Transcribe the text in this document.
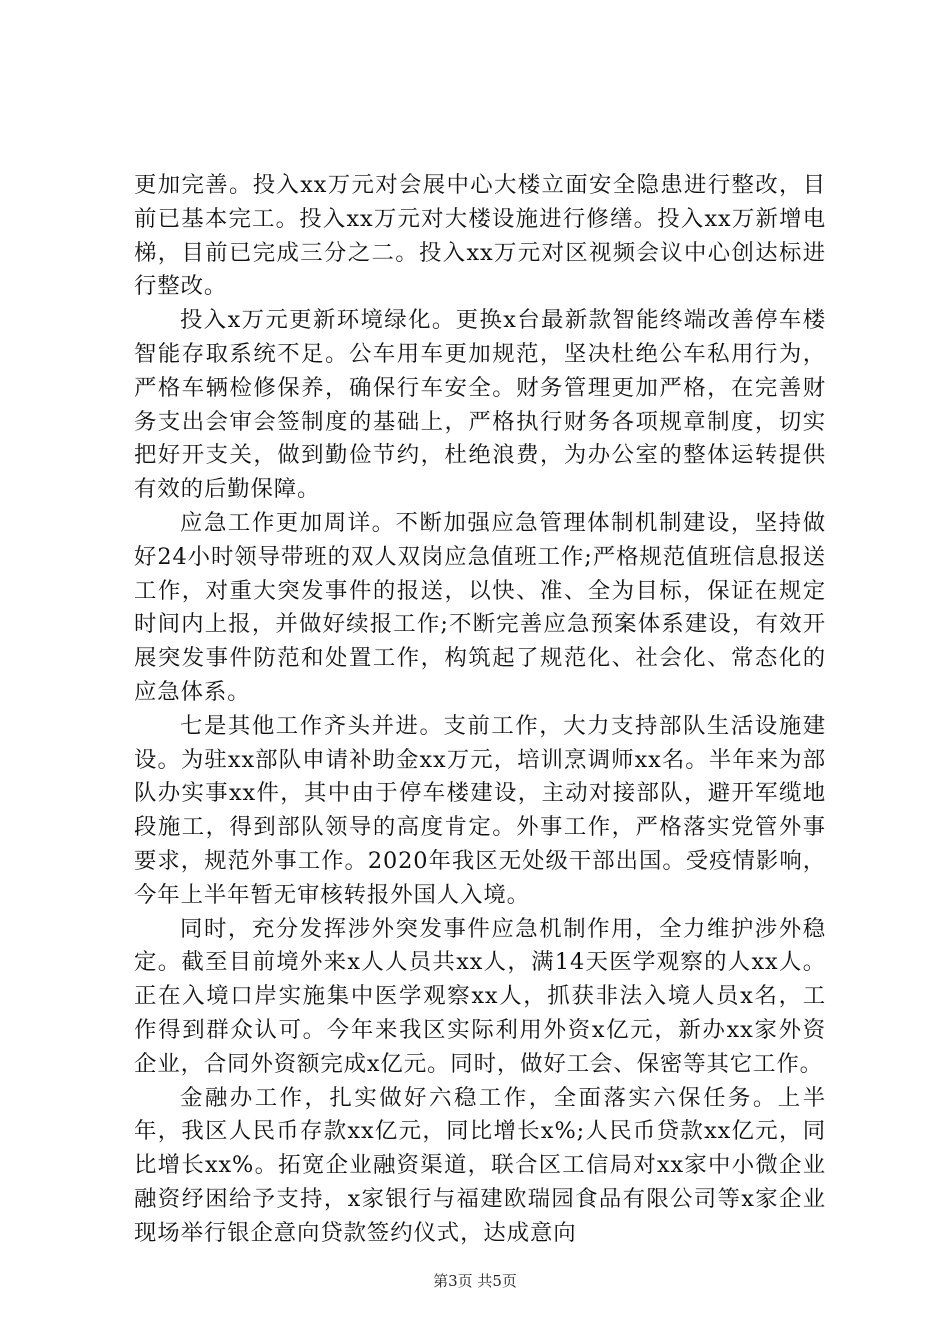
更加完善。投入xx万元对会展中心大楼立面安全隐患进行整改，目前已基本完工。投入xx万元对大楼设施进行修缮。投入xx万新增电梯，目前已完成三分之二。投入xx万元对区视频会议中心创达标进行整改。

投入x万元更新环境绿化。更换x台最新款智能终端改善停车楼智能存取系统不足。公车用车更加规范，坚决杜绝公车私用行为，严格车辆检修保养，确保行车安全。财务管理更加严格，在完善财务支出会审会签制度的基础上，严格执行财务各项规章制度，切实把好开支关，做到勤俭节约，杜绝浪费，为办公室的整体运转提供有效的后勤保障。

应急工作更加周详。不断加强应急管理体制机制建设，坚持做好24小时领导带班的双人双岗应急值班工作;严格规范值班信息报送工作，对重大突发事件的报送，以快、准、全为目标，保证在规定时间内上报，并做好续报工作;不断完善应急预案体系建设，有效开展突发事件防范和处置工作，构筑起了规范化、社会化、常态化的应急体系。

七是其他工作齐头并进。支前工作，大力支持部队生活设施建设。为驻xx部队申请补助金xx万元，培训烹调师xx名。半年来为部队办实事xx件，其中由于停车楼建设，主动对接部队，避开军缆地段施工，得到部队领导的高度肯定。外事工作，严格落实党管外事要求，规范外事工作。2020年我区无处级干部出国。受疫情影响，今年上半年暂无审核转报外国人入境。

同时，充分发挥涉外突发事件应急机制作用，全力维护涉外稳定。截至目前境外来x人人员共xx人，满14天医学观察的人xx人。正在入境口岸实施集中医学观察xx人，抓获非法入境人员x名，工作得到群众认可。今年来我区实际利用外资x亿元，新办xx家外资企业，合同外资额完成x亿元。同时，做好工会、保密等其它工作。

金融办工作，扎实做好六稳工作，全面落实六保任务。上半年，我区人民币存款xx亿元，同比增长x%;人民币贷款xx亿元，同比增长xx%。拓宽企业融资渠道，联合区工信局对xx家中小微企业融资纾困给予支持，x家银行与福建欧瑞园食品有限公司等x家企业现场举行银企意向贷款签约仪式，达成意向

第3页 共5页
